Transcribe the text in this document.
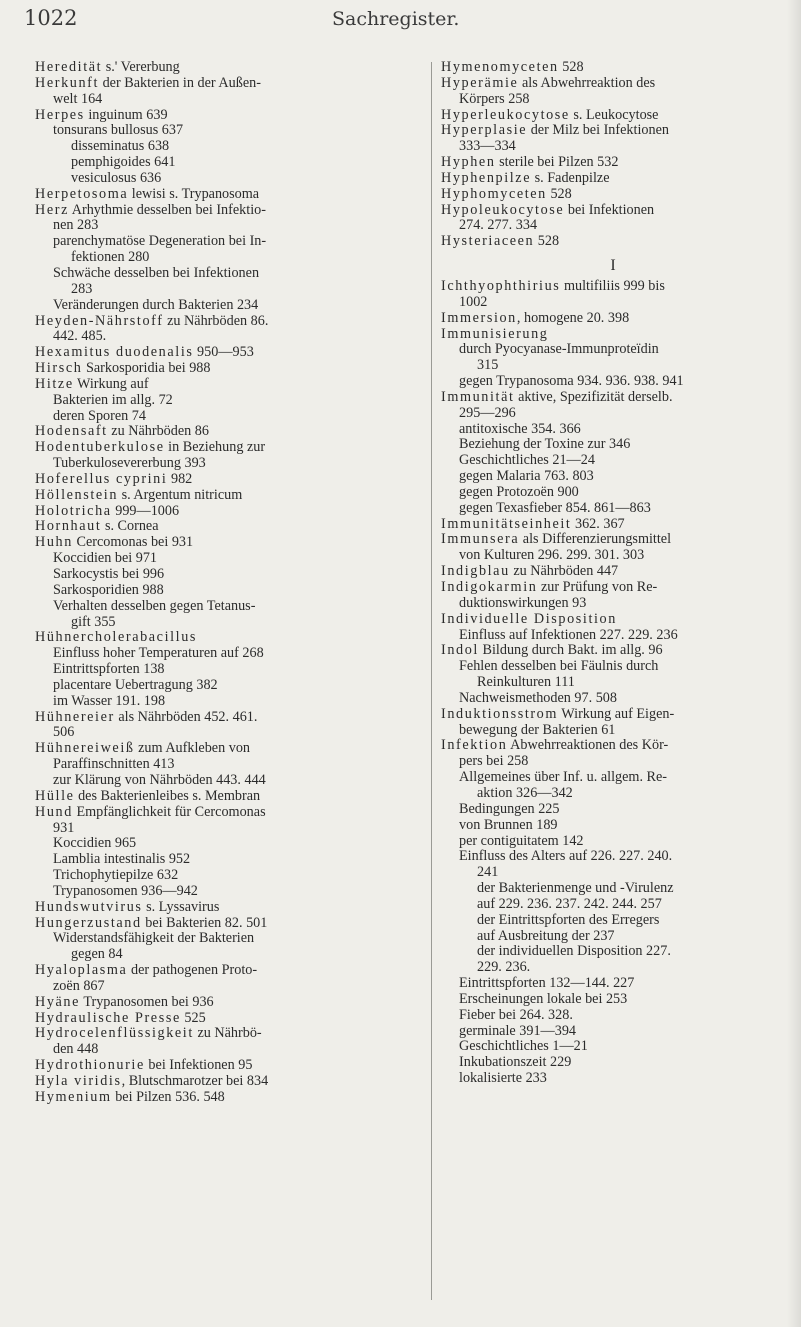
1022	Sachregister.
Heredität s.' Vererbung
Herkunft der Bakterien in der Außen-
welt 164
Herpes inguinum 639
tonsurans bullosus 637
disseminatus 638
pemphigoides 641
vesiculosus 636
Herpetosoma lewisi s. Trypanosoma
Herz Arhythmie desselben bei Infektio-
nen 283
parenchymatöse Degeneration bei In-
fektionen 280
Schwäche desselben bei Infektionen
283
Veränderungen durch Bakterien 234
Heyden-Nährstoff zu Nährböden 86.
442. 485.
Hexamitus duodenalis 950—953
Hirsch Sarkosporidia bei 988
Hitze Wirkung auf
Bakterien im allg. 72
deren Sporen 74
Hodensaft zu Nährböden 86
Hodentuberkulose in Beziehung zur
Tuberkulosevererbung 393
Hoferellus cyprini 982
Höllenstein s. Argentum nitricum
Holotricha 999—1006
Hornhaut s. Cornea
Huhn Cercomonas bei 931
Koccidien bei 971
Sarkocystis bei 996
Sarkosporidien 988
Verhalten desselben gegen Tetanus-
gift 355
Hühnercholerabacillus
Einfluss hoher Temperaturen auf 268
Eintrittspforten 138
placentare Uebertragung 382
im Wasser 191. 198
Hühnereier als Nährböden 452. 461.
506
Hühnereiweiß zum Aufkleben von
Paraffinschnitten 413
zur Klärung von Nährböden 443. 444
Hülle des Bakterienleibes s. Membran
Hund Empfänglichkeit für Cercomonas
931
Koccidien 965
Lamblia intestinalis 952
Trichophytiepilze 632
Trypanosomen 936—942
Hundswutvirus s. Lyssavirus
Hungerzustand bei Bakterien 82. 501
Widerstandsfähigkeit der Bakterien
gegen 84
Hyaloplasma der pathogenen Proto-
zoën 867
Hyäne Trypanosomen bei 936
Hydraulische Presse 525
Hydrocelenflüssigkeit zu Nährbö-
den 448
Hydrothionurie bei Infektionen 95
Hyla viridis, Blutschmarotzer bei 834
Hymenium bei Pilzen 536. 548
Hymenomyceten 528
Hyperämie als Abwehrreaktion des
Körpers 258
Hyperleukocytose s. Leukocytose
Hyperplasie der Milz bei Infektionen
333—334
Hyphen sterile bei Pilzen 532
Hyphenpilze s. Fadenpilze
Hyphomyceten 528
Hypoleukocytose bei Infektionen
274. 277. 334
Hysteriaceen 528
I
Ichthyophthirius multifiliis 999 bis
1002
Immersion, homogene 20. 398
Immunisierung
durch Pyocyanase-Immunproteïdin
315
gegen Trypanosoma 934. 936. 938. 941
Immunität aktive, Spezifizität derselb.
295—296
antitoxische 354. 366
Beziehung der Toxine zur 346
Geschichtliches 21—24
gegen Malaria 763. 803
gegen Protozoën 900
gegen Texasfieber 854. 861—863
Immunitätseinheit 362. 367
Immunsera als Differenzierungsmittel
von Kulturen 296. 299. 301. 303
Indigblau zu Nährböden 447
Indigokarmin zur Prüfung von Re-
duktionswirkungen 93
Individuelle Disposition
Einfluss auf Infektionen 227. 229. 236
Indol Bildung durch Bakt. im allg. 96
Fehlen desselben bei Fäulnis durch
Reinkulturen 111
Nachweismethoden 97. 508
Induktionsstrom Wirkung auf Eigen-
bewegung der Bakterien 61
Infektion Abwehrreaktionen des Kör-
pers bei 258
Allgemeines über Inf. u. allgem. Re-
aktion 326—342
Bedingungen 225
von Brunnen 189
per contiguitatem 142
Einfluss des Alters auf 226. 227. 240.
241
der Bakterienmenge und -Virulenz
auf 229. 236. 237. 242. 244. 257
der Eintrittspforten des Erregers
auf Ausbreitung der 237
der individuellen Disposition 227.
229. 236.
Eintrittspforten 132—144. 227
Erscheinungen lokale bei 253
Fieber bei 264. 328.
germinale 391—394
Geschichtliches 1—21
Inkubationszeit 229
lokalisierte 233
